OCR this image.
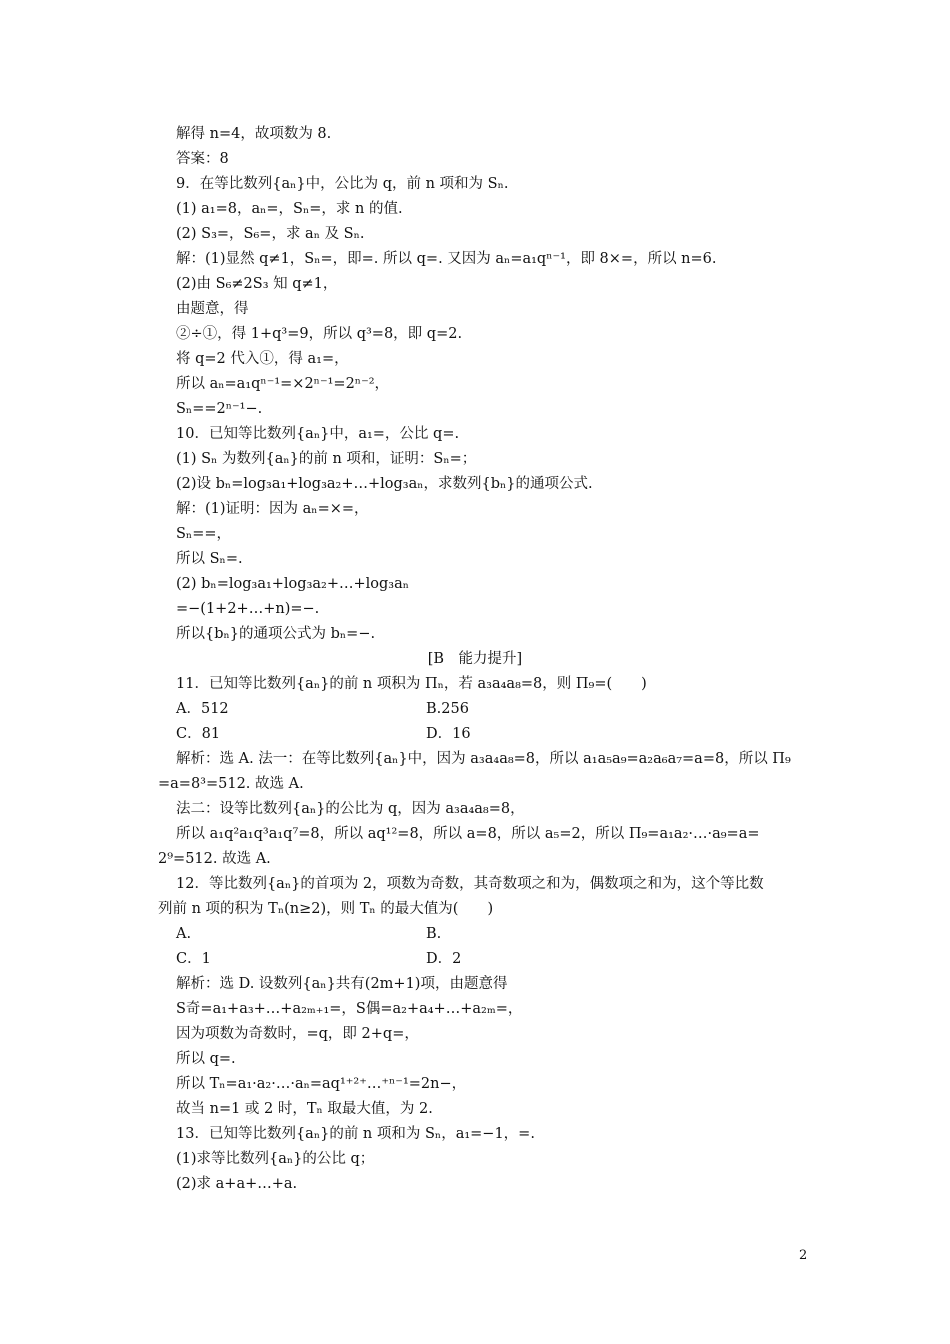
解得 n=4，故项数为 8.
答案：8
9．在等比数列{aₙ}中，公比为 q，前 n 项和为 Sₙ.
(1) a₁=8，aₙ=，Sₙ=，求 n 的值.
(2) S₃=，S₆=，求 aₙ 及 Sₙ.
解：(1)显然 q≠1，Sₙ=，即=. 所以 q=. 又因为 aₙ=a₁qⁿ⁻¹，即 8×=，所以 n=6.
(2)由 S₆≠2S₃ 知 q≠1，
由题意，得
②÷①，得 1+q³=9，所以 q³=8，即 q=2.
将 q=2 代入①，得 a₁=，
所以 aₙ=a₁qⁿ⁻¹=×2ⁿ⁻¹=2ⁿ⁻²，
Sₙ==2ⁿ⁻¹−.
10．已知等比数列{aₙ}中，a₁=，公比 q=.
(1) Sₙ 为数列{aₙ}的前 n 项和，证明：Sₙ=；
(2)设 bₙ=log₃a₁+log₃a₂+…+log₃aₙ，求数列{bₙ}的通项公式.
解：(1)证明：因为 aₙ=×=，
Sₙ==，
所以 Sₙ=.
(2) bₙ=log₃a₁+log₃a₂+…+log₃aₙ
=−(1+2+…+n)=−.
所以{bₙ}的通项公式为 bₙ=−.
[B　能力提升]
11．已知等比数列{aₙ}的前 n 项积为 Πₙ，若 a₃a₄a₈=8，则 Π₉=(　　)
A．512	B.256
C．81	D．16
解析：选 A. 法一：在等比数列{aₙ}中，因为 a₃a₄a₈=8，所以 a₁a₅a₉=a₂a₆a₇=a=8，所以 Π₉
=a=8³=512. 故选 A.
法二：设等比数列{aₙ}的公比为 q，因为 a₃a₄a₈=8，
所以 a₁q²a₁q³a₁q⁷=8，所以 aq¹²=8，所以 a=8，所以 a₅=2，所以 Π₉=a₁a₂·…·a₉=a=
2⁹=512. 故选 A.
12．等比数列{aₙ}的首项为 2，项数为奇数，其奇数项之和为，偶数项之和为，这个等比数
列前 n 项的积为 Tₙ(n≥2)，则 Tₙ 的最大值为(　　)
A.	B.
C．1	D．2
解析：选 D. 设数列{aₙ}共有(2m+1)项，由题意得
S奇=a₁+a₃+…+a₂ₘ₊₁=，S偶=a₂+a₄+…+a₂ₘ=，
因为项数为奇数时，=q，即 2+q=，
所以 q=.
所以 Tₙ=a₁·a₂·…·aₙ=aq¹⁺²⁺…⁺ⁿ⁻¹=2n−，
故当 n=1 或 2 时，Tₙ 取最大值，为 2.
13．已知等比数列{aₙ}的前 n 项和为 Sₙ，a₁=−1，=.
(1)求等比数列{aₙ}的公比 q；
(2)求 a+a+…+a.
2
